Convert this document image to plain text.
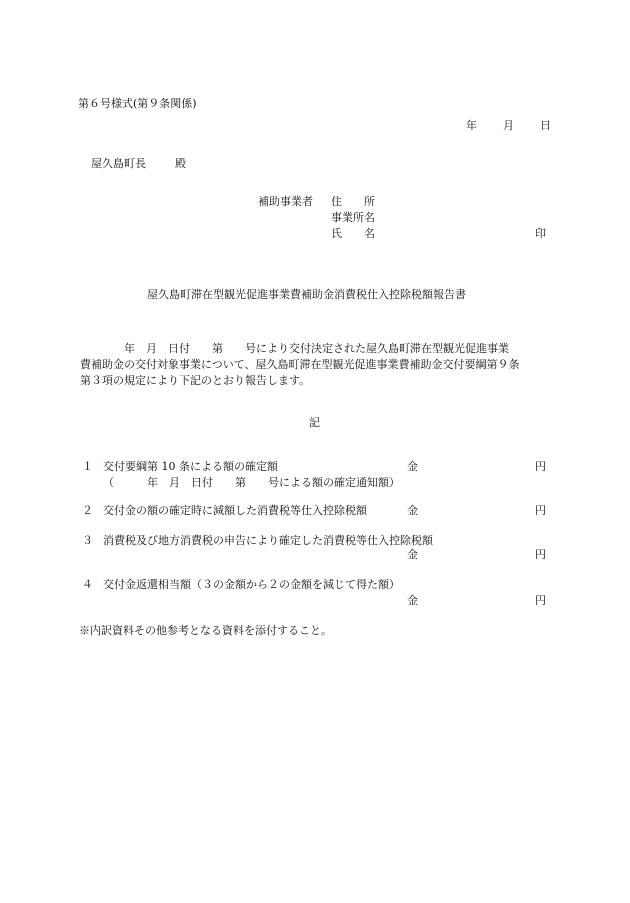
第６号様式(第９条関係)
年 月 日
屋久島町長	殿
補助事業者 住　　所
事業所名
氏　　名	印
屋久島町滞在型観光促進事業費補助金消費税仕入控除税額報告書
　　　　年　月　日付　　第　　号により交付決定された屋久島町滞在型観光促進事業
費補助金の交付対象事業について、屋久島町滞在型観光促進事業費補助金交付要綱第９条
第３項の規定により下記のとおり報告します。
記
１ 交付要綱第 10 条による額の確定額	金	円
（　　　年　月　日付　　第　　号による額の確定通知額）
２ 交付金の額の確定時に減額した消費税等仕入控除税額	金	円
３ 消費税及び地方消費税の申告により確定した消費税等仕入控除税額
金	円
４ 交付金返還相当額（３の金額から２の金額を減じて得た額）
金	円
※内訳資料その他参考となる資料を添付すること。
